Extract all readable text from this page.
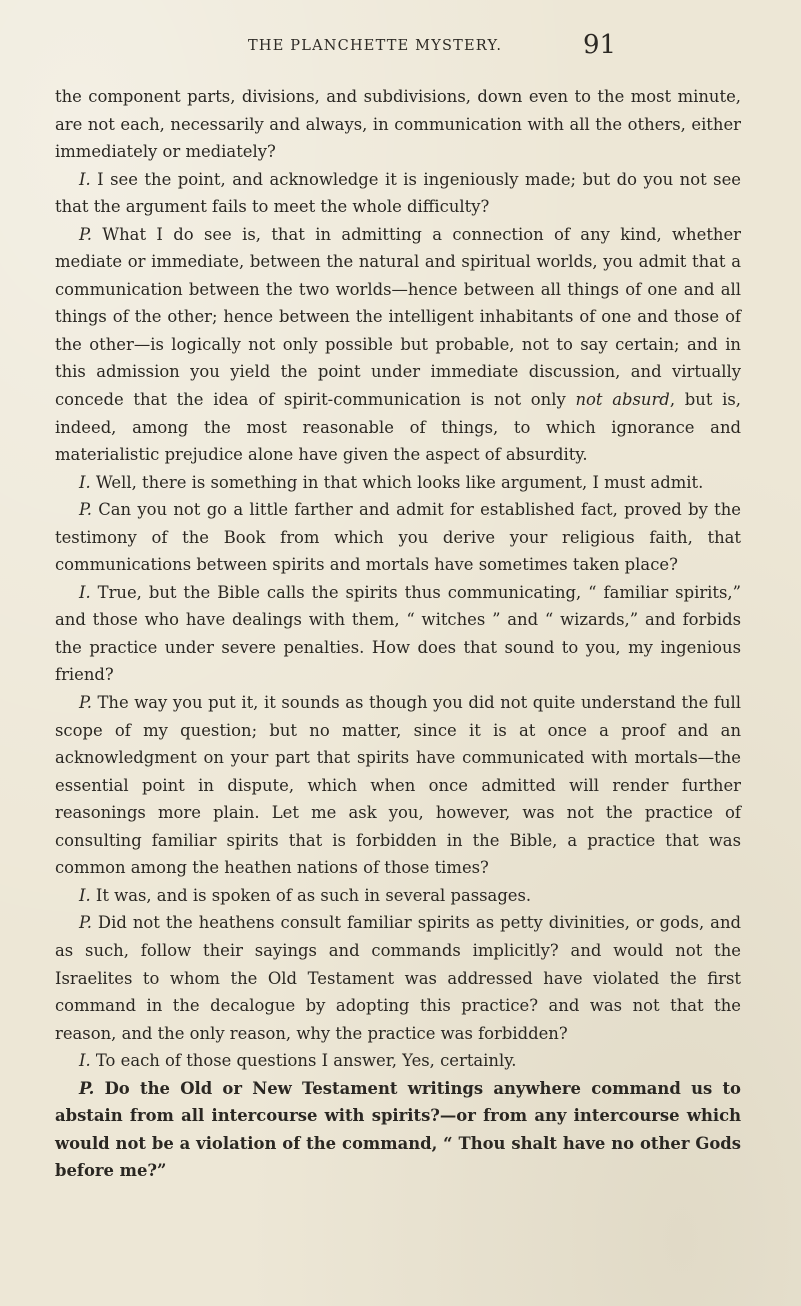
THE PLANCHETTE MYSTERY.	91

the component parts, divisions, and subdivisions, down even to the most minute, are not each, necessarily and always, in communication with all the others, either immediately or mediately?

I. I see the point, and acknowledge it is ingeniously made; but do you not see that the argument fails to meet the whole difficulty?

P. What I do see is, that in admitting a connection of any kind, whether mediate or immediate, between the natural and spiritual worlds, you admit that a communication between the two worlds—hence between all things of one and all things of the other; hence between the intelligent inhabitants of one and those of the other—is logically not only possible but probable, not to say certain; and in this admission you yield the point under immediate discussion, and virtually concede that the idea of spirit-communication is not only not absurd, but is, indeed, among the most reasonable of things, to which ignorance and materialistic prejudice alone have given the aspect of absurdity.

I. Well, there is something in that which looks like argument, I must admit.

P. Can you not go a little farther and admit for established fact, proved by the testimony of the Book from which you derive your religious faith, that communications between spirits and mortals have sometimes taken place?

I. True, but the Bible calls the spirits thus communicating, “ familiar spirits,” and those who have dealings with them, “ witches ” and “ wizards,” and forbids the practice under severe penalties. How does that sound to you, my ingenious friend?

P. The way you put it, it sounds as though you did not quite understand the full scope of my question; but no matter, since it is at once a proof and an acknowledgment on your part that spirits have communicated with mortals—the essential point in dispute, which when once admitted will render further reasonings more plain. Let me ask you, however, was not the practice of consulting familiar spirits that is forbidden in the Bible, a practice that was common among the heathen nations of those times?

I. It was, and is spoken of as such in several passages.

P. Did not the heathens consult familiar spirits as petty divinities, or gods, and as such, follow their sayings and commands implicitly? and would not the Israelites to whom the Old Testament was addressed have violated the first command in the decalogue by adopting this practice? and was not that the reason, and the only reason, why the practice was forbidden?

I. To each of those questions I answer, Yes, certainly.

P. Do the Old or New Testament writings anywhere command us to abstain from all intercourse with spirits?—or from any intercourse which would not be a violation of the command, “ Thou shalt have no other Gods before me?”
